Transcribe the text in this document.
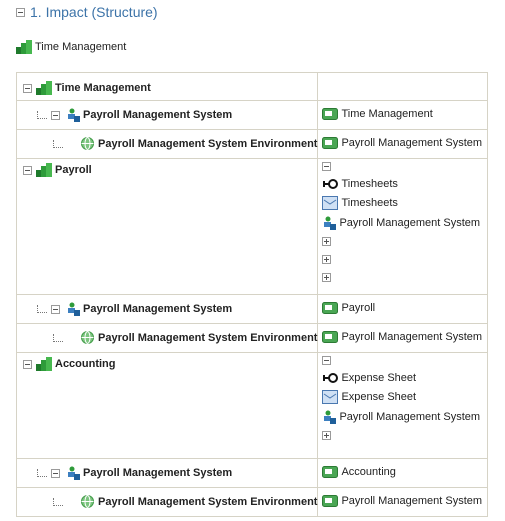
1. Impact (Structure)
Time Management
Time Management	

Payroll Management System	Time Management

Payroll Management System Environment	Payroll Management System

Payroll	Timesheets
Timesheets
Payroll Management System

Payroll Management System	Payroll

Payroll Management System Environment	Payroll Management System

Accounting	Expense Sheet
Expense Sheet
Payroll Management System

Payroll Management System	Accounting

Payroll Management System Environment	Payroll Management System
